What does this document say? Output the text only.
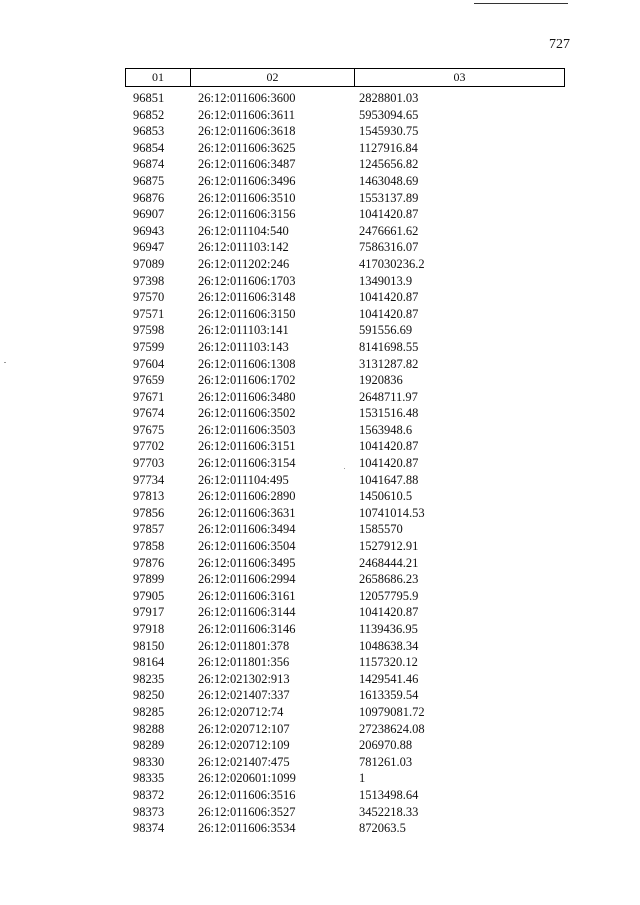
727
01	02	03
96851	26:12:011606:3600	2828801.03
96852	26:12:011606:3611	5953094.65
96853	26:12:011606:3618	1545930.75
96854	26:12:011606:3625	1127916.84
96874	26:12:011606:3487	1245656.82
96875	26:12:011606:3496	1463048.69
96876	26:12:011606:3510	1553137.89
96907	26:12:011606:3156	1041420.87
96943	26:12:011104:540	2476661.62
96947	26:12:011103:142	7586316.07
97089	26:12:011202:246	417030236.2
97398	26:12:011606:1703	1349013.9
97570	26:12:011606:3148	1041420.87
97571	26:12:011606:3150	1041420.87
97598	26:12:011103:141	591556.69
97599	26:12:011103:143	8141698.55
97604	26:12:011606:1308	3131287.82
97659	26:12:011606:1702	1920836
97671	26:12:011606:3480	2648711.97
97674	26:12:011606:3502	1531516.48
97675	26:12:011606:3503	1563948.6
97702	26:12:011606:3151	1041420.87
97703	26:12:011606:3154	1041420.87
97734	26:12:011104:495	1041647.88
97813	26:12:011606:2890	1450610.5
97856	26:12:011606:3631	10741014.53
97857	26:12:011606:3494	1585570
97858	26:12:011606:3504	1527912.91
97876	26:12:011606:3495	2468444.21
97899	26:12:011606:2994	2658686.23
97905	26:12:011606:3161	12057795.9
97917	26:12:011606:3144	1041420.87
97918	26:12:011606:3146	1139436.95
98150	26:12:011801:378	1048638.34
98164	26:12:011801:356	1157320.12
98235	26:12:021302:913	1429541.46
98250	26:12:021407:337	1613359.54
98285	26:12:020712:74	10979081.72
98288	26:12:020712:107	27238624.08
98289	26:12:020712:109	206970.88
98330	26:12:021407:475	781261.03
98335	26:12:020601:1099	1
98372	26:12:011606:3516	1513498.64
98373	26:12:011606:3527	3452218.33
98374	26:12:011606:3534	872063.5
